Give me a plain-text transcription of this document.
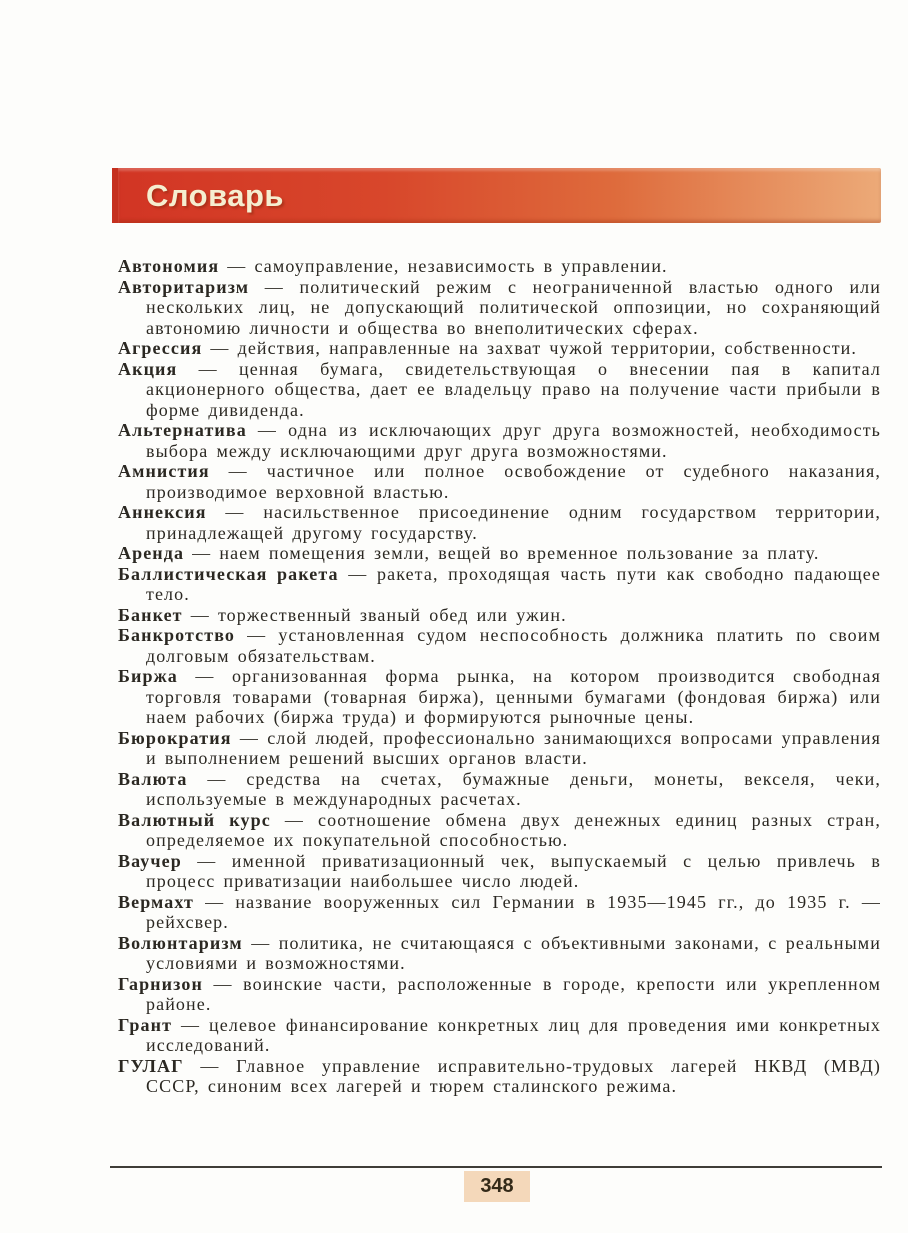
Словарь

Автономия — самоуправление, независимость в управлении.

Авторитаризм — политический режим с неограниченной властью одного или нескольких лиц, не допускающий политической оппозиции, но сохраняющий автономию личности и общества во внеполитических сферах.

Агрессия — действия, направленные на захват чужой территории, собственности.

Акция — ценная бумага, свидетельствующая о внесении пая в капитал акционерного общества, дает ее владельцу право на получение части прибыли в форме дивиденда.

Альтернатива — одна из исключающих друг друга возможностей, необходимость выбора между исключающими друг друга возможностями.

Амнистия — частичное или полное освобождение от судебного наказания, производимое верховной властью.

Аннексия — насильственное присоединение одним государством территории, принадлежащей другому государству.

Аренда — наем помещения земли, вещей во временное пользование за плату.

Баллистическая ракета — ракета, проходящая часть пути как свободно падающее тело.

Банкет — торжественный званый обед или ужин.

Банкротство — установленная судом неспособность должника платить по своим долговым обязательствам.

Биржа — организованная форма рынка, на котором производится свободная торговля товарами (товарная биржа), ценными бумагами (фондовая биржа) или наем рабочих (биржа труда) и формируются рыночные цены.

Бюрократия — слой людей, профессионально занимающихся вопросами управления и выполнением решений высших органов власти.

Валюта — средства на счетах, бумажные деньги, монеты, векселя, чеки, используемые в международных расчетах.

Валютный курс — соотношение обмена двух денежных единиц разных стран, определяемое их покупательной способностью.

Ваучер — именной приватизационный чек, выпускаемый с целью привлечь в процесс приватизации наибольшее число людей.

Вермахт — название вооруженных сил Германии в 1935—1945 гг., до 1935 г. — рейхсвер.

Волюнтаризм — политика, не считающаяся с объективными законами, с реальными условиями и возможностями.

Гарнизон — воинские части, расположенные в городе, крепости или укрепленном районе.

Грант — целевое финансирование конкретных лиц для проведения ими конкретных исследований.

ГУЛАГ — Главное управление исправительно-трудовых лагерей НКВД (МВД) СССР, синоним всех лагерей и тюрем сталинского режима.

348
